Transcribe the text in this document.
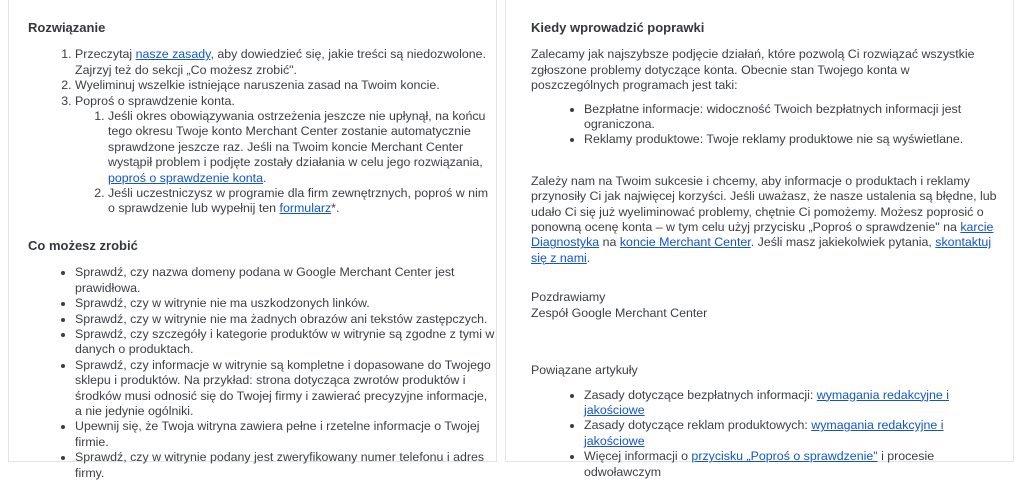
Rozwiązanie
1. Przeczytaj nasze zasady, aby dowiedzieć się, jakie treści są niedozwolone. Zajrzyj też do sekcji „Co możesz zrobić".
2. Wyeliminuj wszelkie istniejące naruszenia zasad na Twoim koncie.
3. Poproś o sprawdzenie konta.
1. Jeśli okres obowiązywania ostrzeżenia jeszcze nie upłynął, na końcu tego okresu Twoje konto Merchant Center zostanie automatycznie sprawdzone jeszcze raz. Jeśli na Twoim koncie Merchant Center wystąpił problem i podjęte zostały działania w celu jego rozwiązania, poproś o sprawdzenie konta.
2. Jeśli uczestniczysz w programie dla firm zewnętrznych, poproś w nim o sprawdzenie lub wypełnij ten formularz*.
Co możesz zrobić
• Sprawdź, czy nazwa domeny podana w Google Merchant Center jest prawidłowa.
• Sprawdź, czy w witrynie nie ma uszkodzonych linków.
• Sprawdź, czy w witrynie nie ma żadnych obrazów ani tekstów zastępczych.
• Sprawdź, czy szczegóły i kategorie produktów w witrynie są zgodne z tymi w danych o produktach.
• Sprawdź, czy informacje w witrynie są kompletne i dopasowane do Twojego sklepu i produktów. Na przykład: strona dotycząca zwrotów produktów i środków musi odnosić się do Twojej firmy i zawierać precyzyjne informacje, a nie jedynie ogólniki.
• Upewnij się, że Twoja witryna zawiera pełne i rzetelne informacje o Twojej firmie.
• Sprawdź, czy w witrynie podany jest zweryfikowany numer telefonu i adres firmy.
Kiedy wprowadzić poprawki

Zalecamy jak najszybsze podjęcie działań, które pozwolą Ci rozwiązać wszystkie zgłoszone problemy dotyczące konta. Obecnie stan Twojego konta w poszczególnych programach jest taki:

• Bezpłatne informacje: widoczność Twoich bezpłatnych informacji jest ograniczona.
• Reklamy produktowe: Twoje reklamy produktowe nie są wyświetlane.

Zależy nam na Twoim sukcesie i chcemy, aby informacje o produktach i reklamy przynosiły Ci jak najwięcej korzyści. Jeśli uważasz, że nasze ustalenia są błędne, lub udało Ci się już wyeliminować problemy, chętnie Ci pomożemy. Możesz poprosić o ponowną ocenę konta – w tym celu użyj przycisku „Poproś o sprawdzenie" na karcie Diagnostyka na koncie Merchant Center. Jeśli masz jakiekolwiek pytania, skontaktuj się z nami.

Pozdrawiamy
Zespół Google Merchant Center

Powiązane artykuły

• Zasady dotyczące bezpłatnych informacji: wymagania redakcyjne i jakościowe
• Zasady dotyczące reklam produktowych: wymagania redakcyjne i jakościowe
• Więcej informacji o przycisku „Poproś o sprawdzenie" i procesie odwoławczym
